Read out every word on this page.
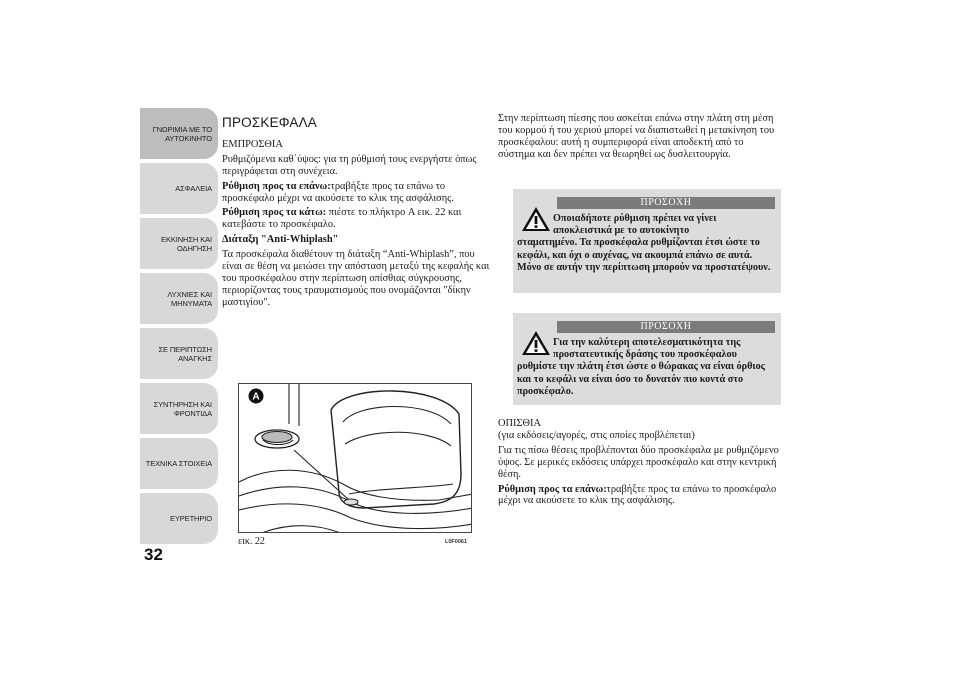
ΓΝΩΡΙΜΙΑ ΜΕ ΤΟ
ΑΥΤΟΚΙΝΗΤΟ
ΑΣΦΑΛΕΙΑ
ΕΚΚΙΝΗΣΗ ΚΑΙ
ΟΔΗΓΗΣΗ
ΛΥΧΝΙΕΣ ΚΑΙ
ΜΗΝΥΜΑΤΑ
ΣΕ ΠΕΡΙΠΤΩΣΗ
ΑΝΑΓΚΗΣ
ΣΥΝΤΗΡΗΣΗ ΚΑΙ
ΦΡΟΝΤΙΔΑ
ΤΕΧΝΙΚΑ ΣΤΟΙΧΕΙΑ
ΕΥΡΕΤΗΡΙΟ
32
ΠΡΟΣΚΕΦΑΛΑ

ΕΜΠΡΟΣΘΙΑ

Ρυθμιζόμενα καθ΄ύψος: για τη ρύθμισή τους ενεργήστε όπως περιγράφεται στη συνέχεια.

Ρύθμιση προς τα επάνω:τραβήξτε προς τα επάνω το προσκέφαλο μέχρι να ακούσετε το κλικ της ασφάλισης.

Ρύθμιση προς τα κάτω: πιέστε το πλήκτρο A εικ. 22 και κατεβάστε το προσκέφαλο.

Διάταξη "Anti-Whiplash"

Τα προσκέφαλα διαθέτουν τη διάταξη “Anti-Whiplash”, που είναι σε θέση να μειώσει την απόσταση μεταξύ της κεφαλής και του προσκέφαλου στην περίπτωση οπίσθιας σύγκρουσης, περιορίζοντας τους τραυματισμούς που ονομάζονται "δίκην μαστιγίου".

Στην περίπτωση πίεσης που ασκείται επάνω στην πλάτη στη μέση του κορμού ή του χεριού μπορεί να διαπιστωθεί η μετακίνηση του προσκέφαλου: αυτή η συμπεριφορά είναι αποδεκτή από το σύστημα και δεν πρέπει να θεωρηθεί ως δυσλειτουργία.

ΠΡΟΣΟΧΗ
Οποιαδήποτε ρύθμιση πρέπει να γίνει αποκλειστικά με το αυτοκίνητο
σταματημένο. Τα προσκέφαλα ρυθμίζονται έτσι ώστε το κεφάλι, και όχι ο αυχένας, να ακουμπά επάνω σε αυτά. Μόνο σε αυτήν την περίπτωση μπορούν να προστατέψουν.
ΠΡΟΣΟΧΗ
Για την καλύτερη αποτελεσματικότητα της προστατευτικής δράσης του προσκέφαλου
ρυθμίστε την πλάτη έτσι ώστε ο θώρακας να είναι όρθιος και το κεφάλι να είναι όσο το δυνατόν πιο κοντά στο προσκέφαλο.

ΟΠΙΣΘΙΑ

(για εκδόσεις/αγορές, στις οποίες προβλέπεται)

Για τις πίσω θέσεις προβλέπονται δύο προσκέφαλα με ρυθμιζόμενο ύψος. Σε μερικές εκδόσεις υπάρχει προσκέφαλο και στην κεντρική θέση.

Ρύθμιση προς τα επάνω:τραβήξτε προς τα επάνω το προσκέφαλο μέχρι να ακούσετε το κλικ της ασφάλισης.

A
εικ. 22	L0F0061
